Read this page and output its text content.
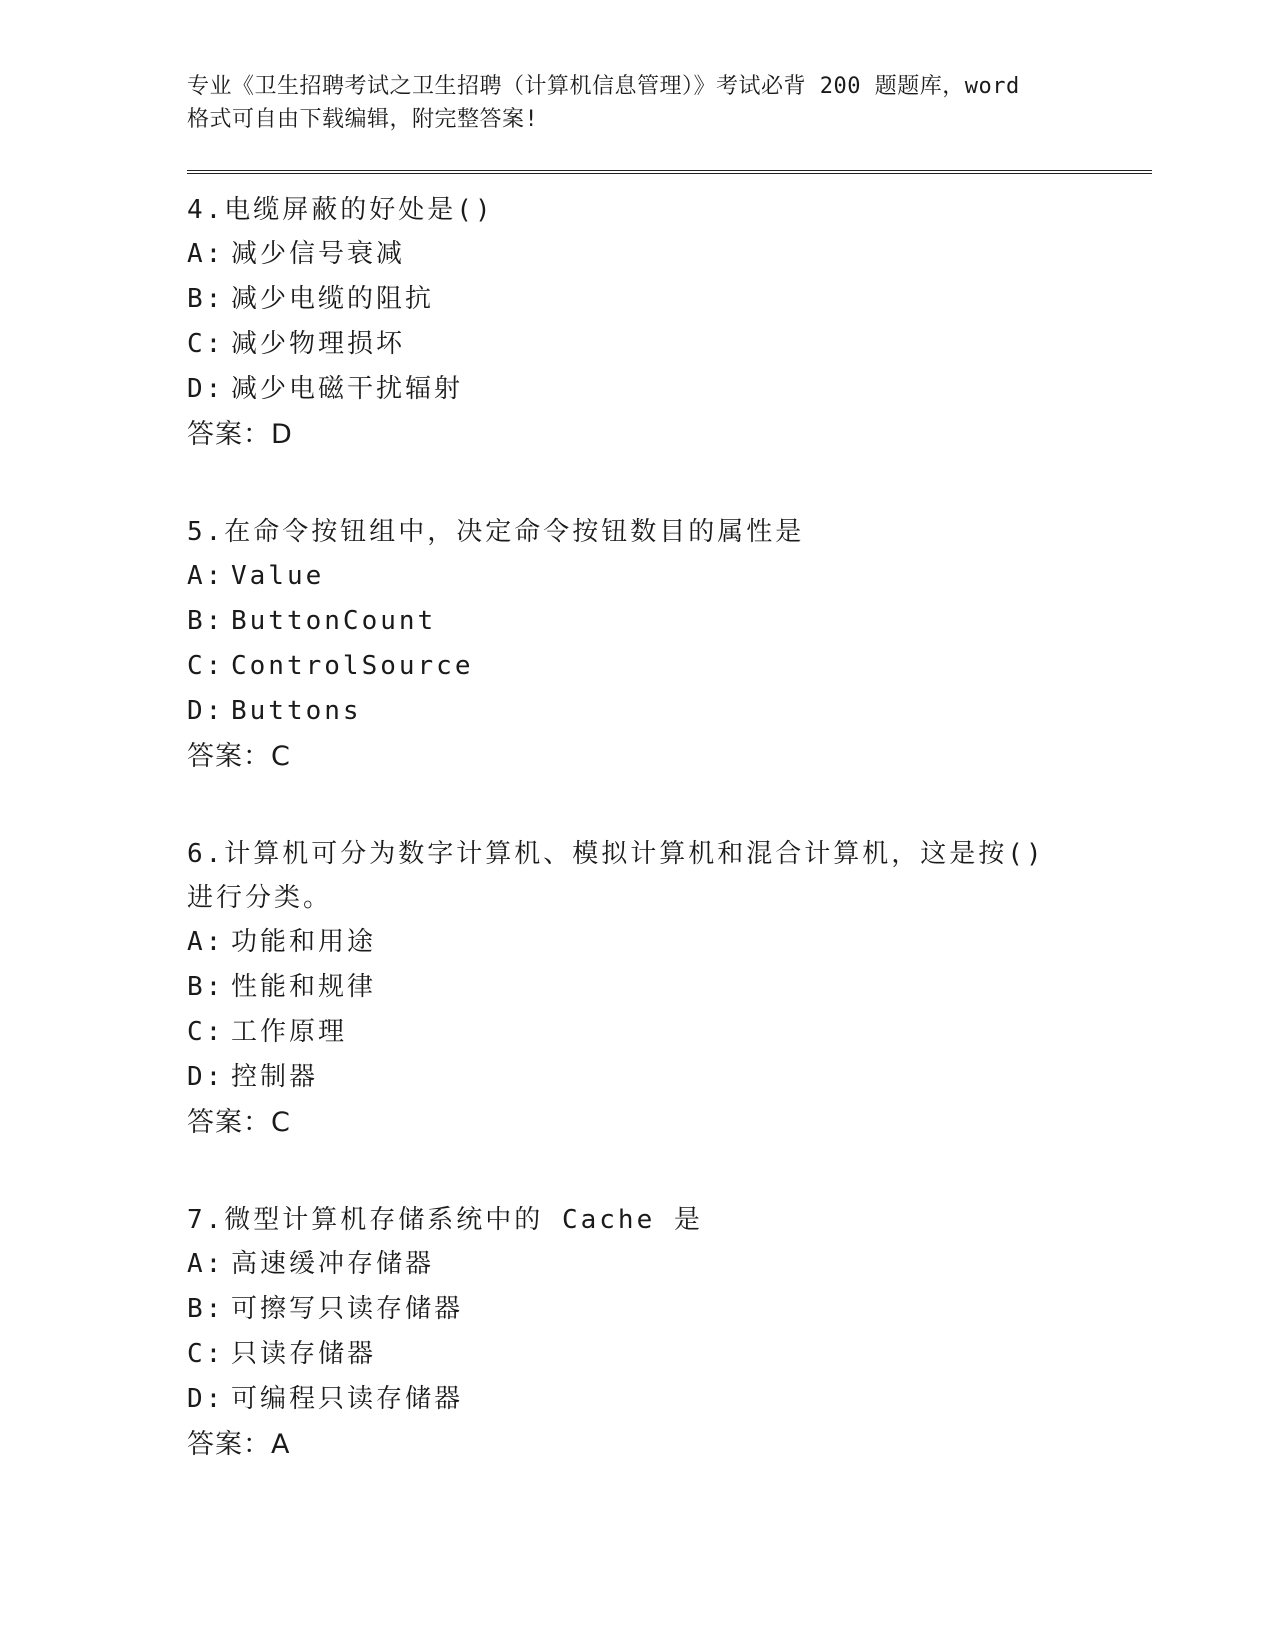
专业《卫生招聘考试之卫生招聘（计算机信息管理）》考试必背 200 题题库，word
格式可自由下载编辑，附完整答案!

4.电缆屏蔽的好处是()
A: 减少信号衰减
B: 减少电缆的阻抗
C: 减少物理损坏
D: 减少电磁干扰辐射
答案：D
5.在命令按钮组中，决定命令按钮数目的属性是
A: Value
B: ButtonCount
C: ControlSource
D: Buttons
答案：C
6.计算机可分为数字计算机、模拟计算机和混合计算机，这是按()进行分类。
A: 功能和用途
B: 性能和规律
C: 工作原理
D: 控制器
答案：C
7.微型计算机存储系统中的 Cache 是
A: 高速缓冲存储器
B: 可擦写只读存储器
C: 只读存储器
D: 可编程只读存储器
答案：A
